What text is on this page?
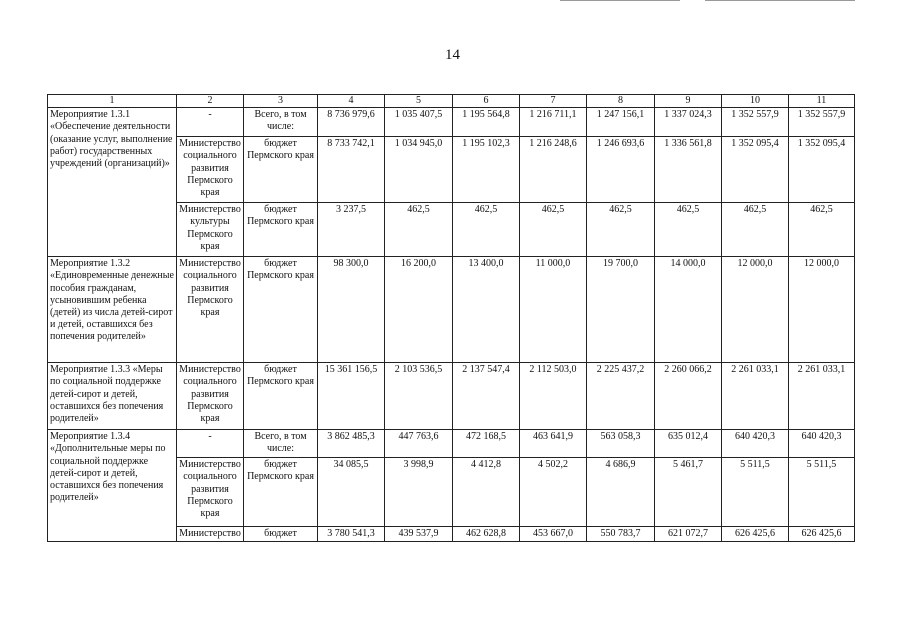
14
1	2	3	4	5	6	7	8	9	10	11
Мероприятие 1.3.1 «Обеспечение деятельности (оказание услуг, выполнение работ) государственных учреждений (организаций)»	-	Всего, в том числе:	8 736 979,6	1 035 407,5	1 195 564,8	1 216 711,1	1 247 156,1	1 337 024,3	1 352 557,9	1 352 557,9
	Министерство социального развития Пермского края	бюджет Пермского края	8 733 742,1	1 034 945,0	1 195 102,3	1 216 248,6	1 246 693,6	1 336 561,8	1 352 095,4	1 352 095,4
	Министерство культуры Пермского края	бюджет Пермского края	3 237,5	462,5	462,5	462,5	462,5	462,5	462,5	462,5
Мероприятие 1.3.2 «Единовременные денежные пособия гражданам, усыновившим ребенка (детей) из числа детей-сирот и детей, оставшихся без попечения родителей»	Министерство социального развития Пермского края	бюджет Пермского края	98 300,0	16 200,0	13 400,0	11 000,0	19 700,0	14 000,0	12 000,0	12 000,0
Мероприятие 1.3.3 «Меры по социальной поддержке детей-сирот и детей, оставшихся без попечения родителей»	Министерство социального развития Пермского края	бюджет Пермского края	15 361 156,5	2 103 536,5	2 137 547,4	2 112 503,0	2 225 437,2	2 260 066,2	2 261 033,1	2 261 033,1
Мероприятие 1.3.4 «Дополнительные меры по социальной поддержке детей-сирот и детей, оставшихся без попечения родителей»	-	Всего, в том числе:	3 862 485,3	447 763,6	472 168,5	463 641,9	563 058,3	635 012,4	640 420,3	640 420,3
	Министерство социального развития Пермского края	бюджет Пермского края	34 085,5	3 998,9	4 412,8	4 502,2	4 686,9	5 461,7	5 511,5	5 511,5
	Министерство	бюджет	3 780 541,3	439 537,9	462 628,8	453 667,0	550 783,7	621 072,7	626 425,6	626 425,6
